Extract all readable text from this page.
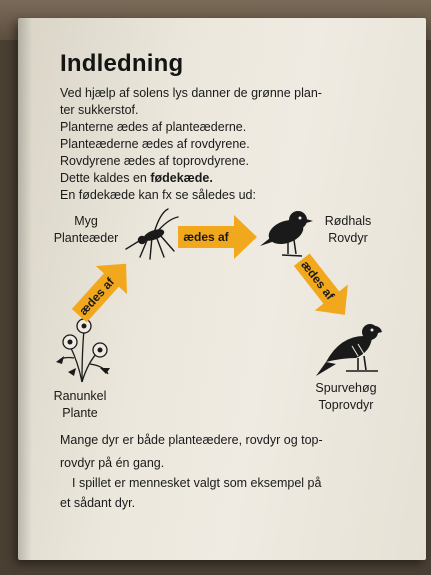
Indledning
Ved hjælp af solens lys danner de grønne plan-
ter sukkerstof.
Planterne ædes af planteæderne.
Planteæderne ædes af rovdyrene.
Rovdyrene ædes af toprovdyrene.
Dette kaldes en fødekæde.
En fødekæde kan fx se således ud:
Myg
Planteæder
Rødhals
Rovdyr
Ranunkel
Plante
Spurvehøg
Toprovdyr
ædes af
ædes af	ædes af
Mange dyr er både planteædere, rovdyr og top-
rovdyr på én gang.
I spillet er mennesket valgt som eksempel på
et sådant dyr.
